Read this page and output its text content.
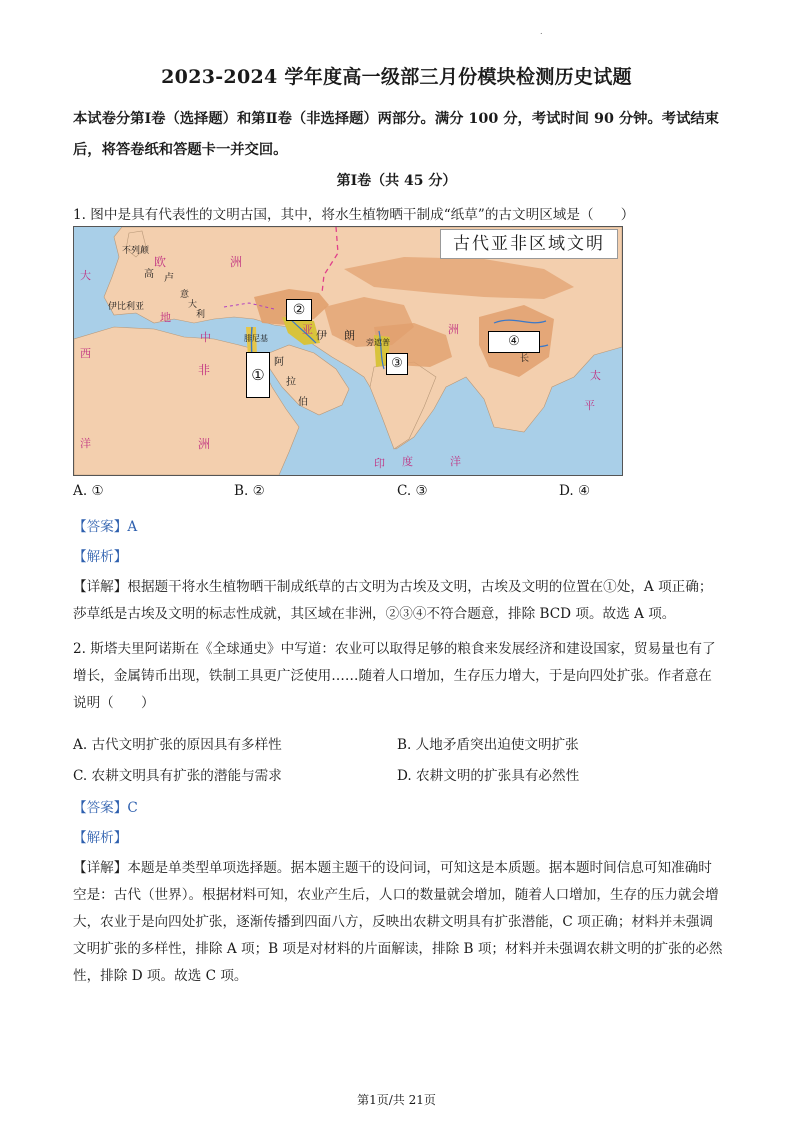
.
2023-2024 学年度高一级部三月份模块检测历史试题
本试卷分第Ⅰ卷（选择题）和第Ⅱ卷（非选择题）两部分。满分 100 分，考试时间 90 分钟。考试结束后，将答卷纸和答题卡一并交回。
第Ⅰ卷（共 45 分）
1. 图中是具有代表性的文明古国，其中，将水生植物晒干制成“纸草”的古文明区域是（　　）
古代亚非区域文明
不列颠
欧	洲
高 卢
伊比利亚
意
大
利
地
中	伊 朗
亚	洲
大
西
洋
非
洲
腓尼基
阿
拉
伯
旁遮普
印 度	洋
太
平
长
①
②
③
④
A. ①	B. ②	C. ③	D. ④
【答案】A
【解析】
【详解】根据题干将水生植物晒干制成纸草的古文明为古埃及文明，古埃及文明的位置在①处，A 项正确；莎草纸是古埃及文明的标志性成就，其区域在非洲，②③④不符合题意，排除 BCD 项。故选 A 项。
2. 斯塔夫里阿诺斯在《全球通史》中写道：农业可以取得足够的粮食来发展经济和建设国家，贸易量也有了增长，金属铸币出现，铁制工具更广泛使用……随着人口增加，生存压力增大，于是向四处扩张。作者意在说明（　　）
A. 古代文明扩张的原因具有多样性	B. 人地矛盾突出迫使文明扩张
C. 农耕文明具有扩张的潜能与需求	D. 农耕文明的扩张具有必然性
【答案】C
【解析】
【详解】本题是单类型单项选择题。据本题主题干的设问词，可知这是本质题。据本题时间信息可知准确时空是：古代（世界）。根据材料可知，农业产生后，人口的数量就会增加，随着人口增加，生存的压力就会增大，农业于是向四处扩张，逐渐传播到四面八方，反映出农耕文明具有扩张潜能，C 项正确；材料并未强调文明扩张的多样性，排除 A 项；B 项是对材料的片面解读，排除 B 项；材料并未强调农耕文明的扩张的必然性，排除 D 项。故选 C 项。
第1页/共 21页
